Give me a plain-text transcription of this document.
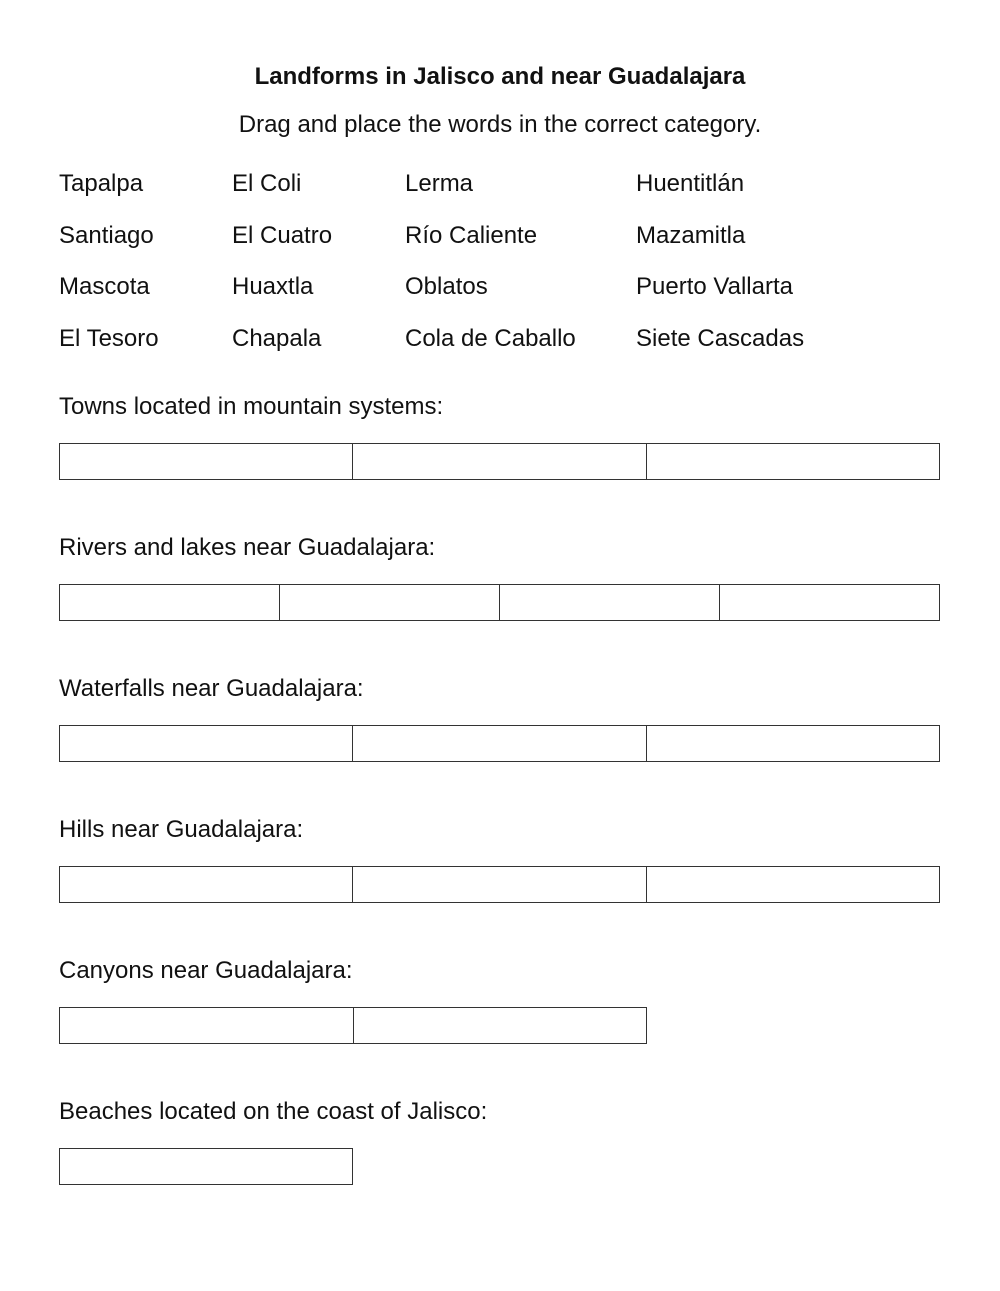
Landforms in Jalisco and near Guadalajara
Drag and place the words in the correct category.
Tapalpa	El Coli	Lerma	Huentitlán
Santiago	El Cuatro	Río Caliente	Mazamitla
Mascota	Huaxtla	Oblatos	Puerto Vallarta
El Tesoro	Chapala	Cola de Caballo	Siete Cascadas
Towns located in mountain systems:
Rivers and lakes near Guadalajara:
Waterfalls near Guadalajara:
Hills near Guadalajara:
Canyons near Guadalajara:
Beaches located on the coast of Jalisco:
